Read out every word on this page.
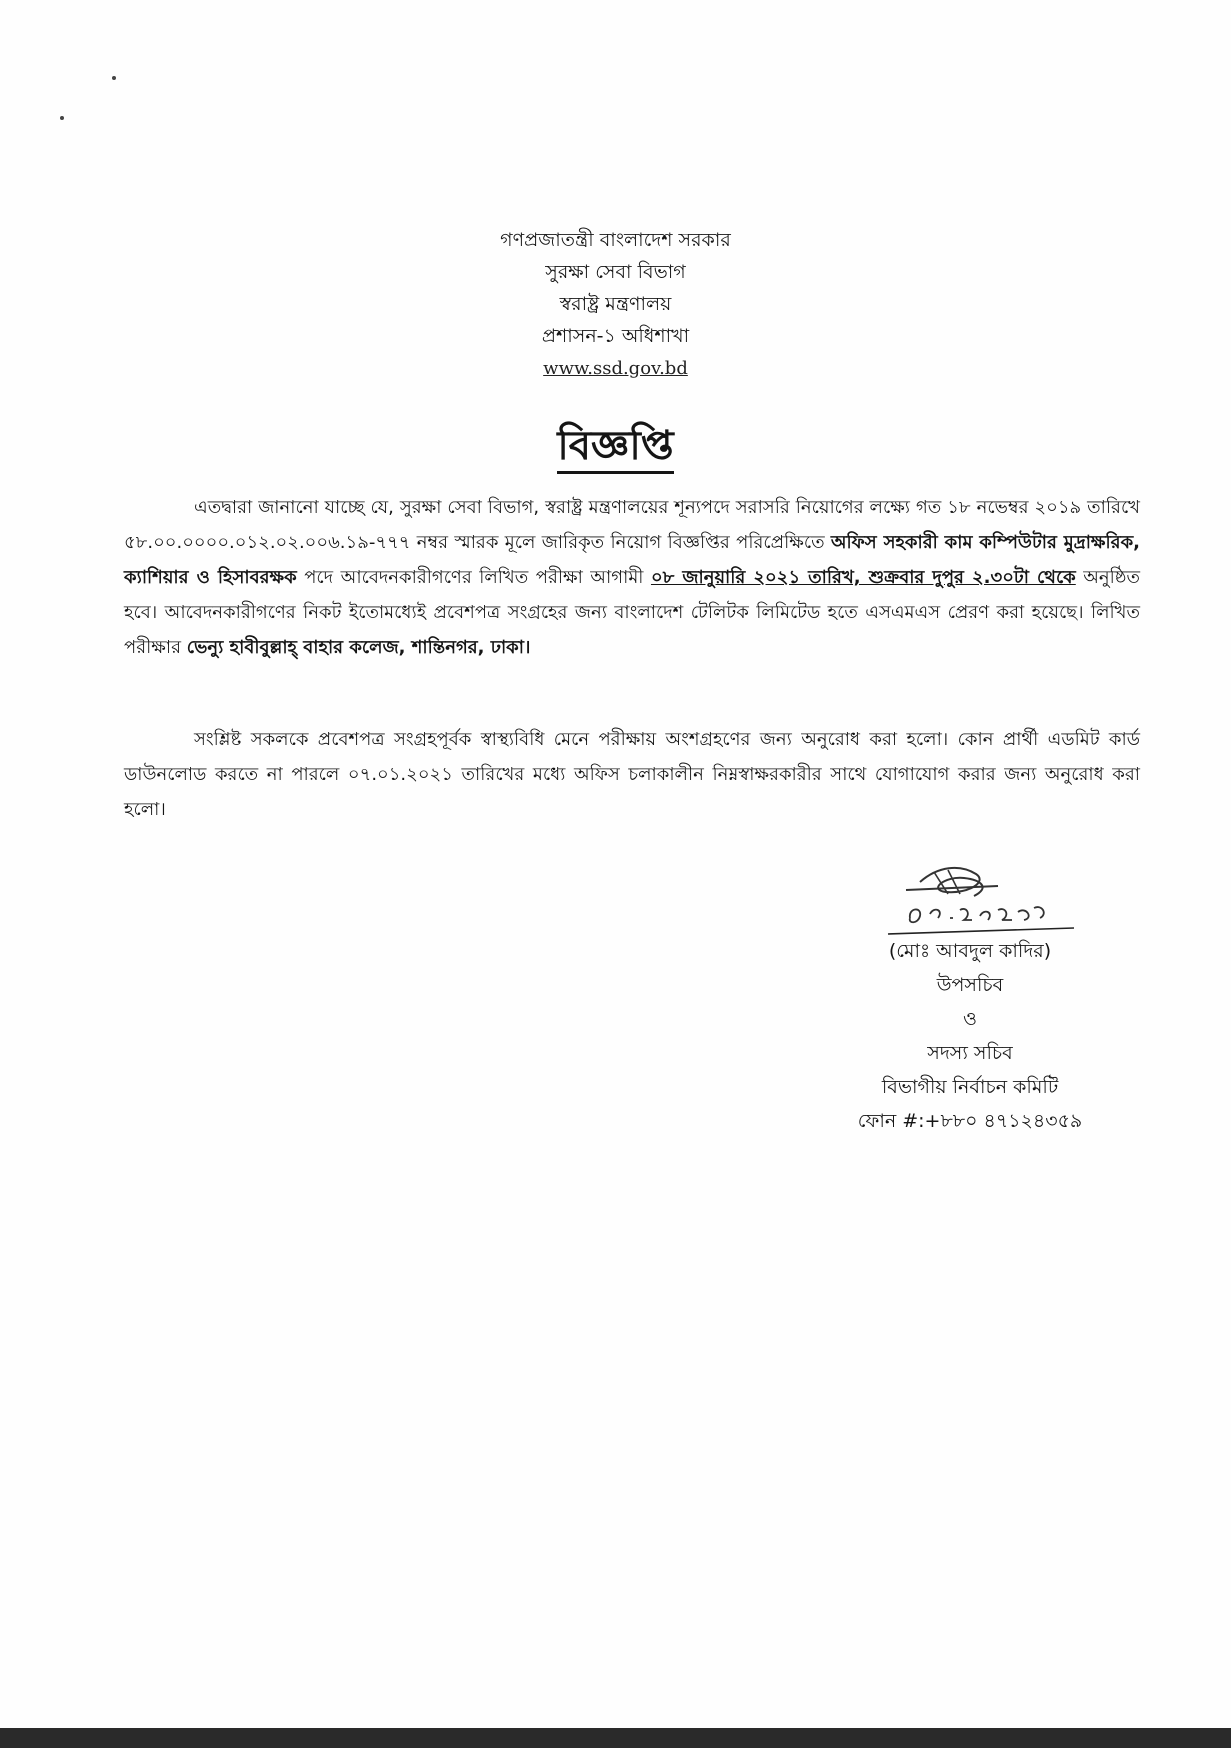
গণপ্রজাতন্ত্রী বাংলাদেশ সরকার
সুরক্ষা সেবা বিভাগ
স্বরাষ্ট্র মন্ত্রণালয়
প্রশাসন-১ অধিশাখা
www.ssd.gov.bd
বিজ্ঞপ্তি
এতদ্বারা জানানো যাচ্ছে যে, সুরক্ষা সেবা বিভাগ, স্বরাষ্ট্র মন্ত্রণালয়ের শূন্যপদে সরাসরি নিয়োগের লক্ষ্যে গত ১৮ নভেম্বর ২০১৯ তারিখে ৫৮.০০.০০০০.০১২.০২.০০৬.১৯-৭৭৭ নম্বর স্মারক মূলে জারিকৃত নিয়োগ বিজ্ঞপ্তির পরিপ্রেক্ষিতে অফিস সহকারী কাম কম্পিউটার মুদ্রাক্ষরিক, ক্যাশিয়ার ও হিসাবরক্ষক পদে আবেদনকারীগণের লিখিত পরীক্ষা আগামী ০৮ জানুয়ারি ২০২১ তারিখ, শুক্রবার দুপুর ২.৩০টা থেকে অনুষ্ঠিত হবে। আবেদনকারীগণের নিকট ইতোমধ্যেই প্রবেশপত্র সংগ্রহের জন্য বাংলাদেশ টেলিটক লিমিটেড হতে এসএমএস প্রেরণ করা হয়েছে। লিখিত পরীক্ষার ভেন্যু হাবীবুল্লাহ্ বাহার কলেজ, শান্তিনগর, ঢাকা।
সংশ্লিষ্ট সকলকে প্রবেশপত্র সংগ্রহপূর্বক স্বাস্থ্যবিধি মেনে পরীক্ষায় অংশগ্রহণের জন্য অনুরোধ করা হলো। কোন প্রার্থী এডমিট কার্ড ডাউনলোড করতে না পারলে ০৭.০১.২০২১ তারিখের মধ্যে অফিস চলাকালীন নিম্নস্বাক্ষরকারীর সাথে যোগাযোগ করার জন্য অনুরোধ করা হলো।
(মোঃ আবদুল কাদির)
উপসচিব
ও
সদস্য সচিব
বিভাগীয় নির্বাচন কমিটি
ফোন #:+৮৮০ ৪৭১২৪৩৫৯
